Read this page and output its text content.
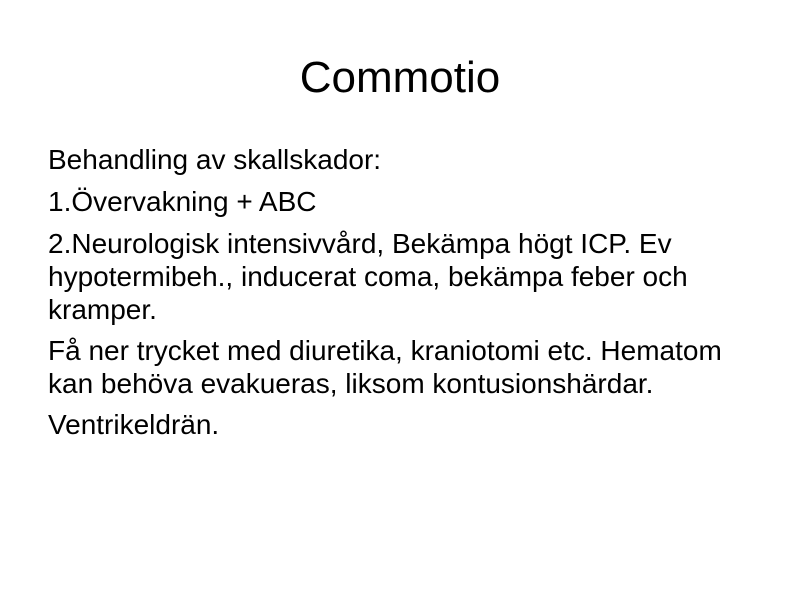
Commotio
Behandling av skallskador:
1.Övervakning + ABC
2.Neurologisk intensivvård, Bekämpa högt ICP. Ev hypotermibeh., inducerat coma, bekämpa feber och kramper.
Få ner trycket med diuretika, kraniotomi etc. Hematom kan behöva evakueras, liksom kontusionshärdar.
Ventrikeldrän.
